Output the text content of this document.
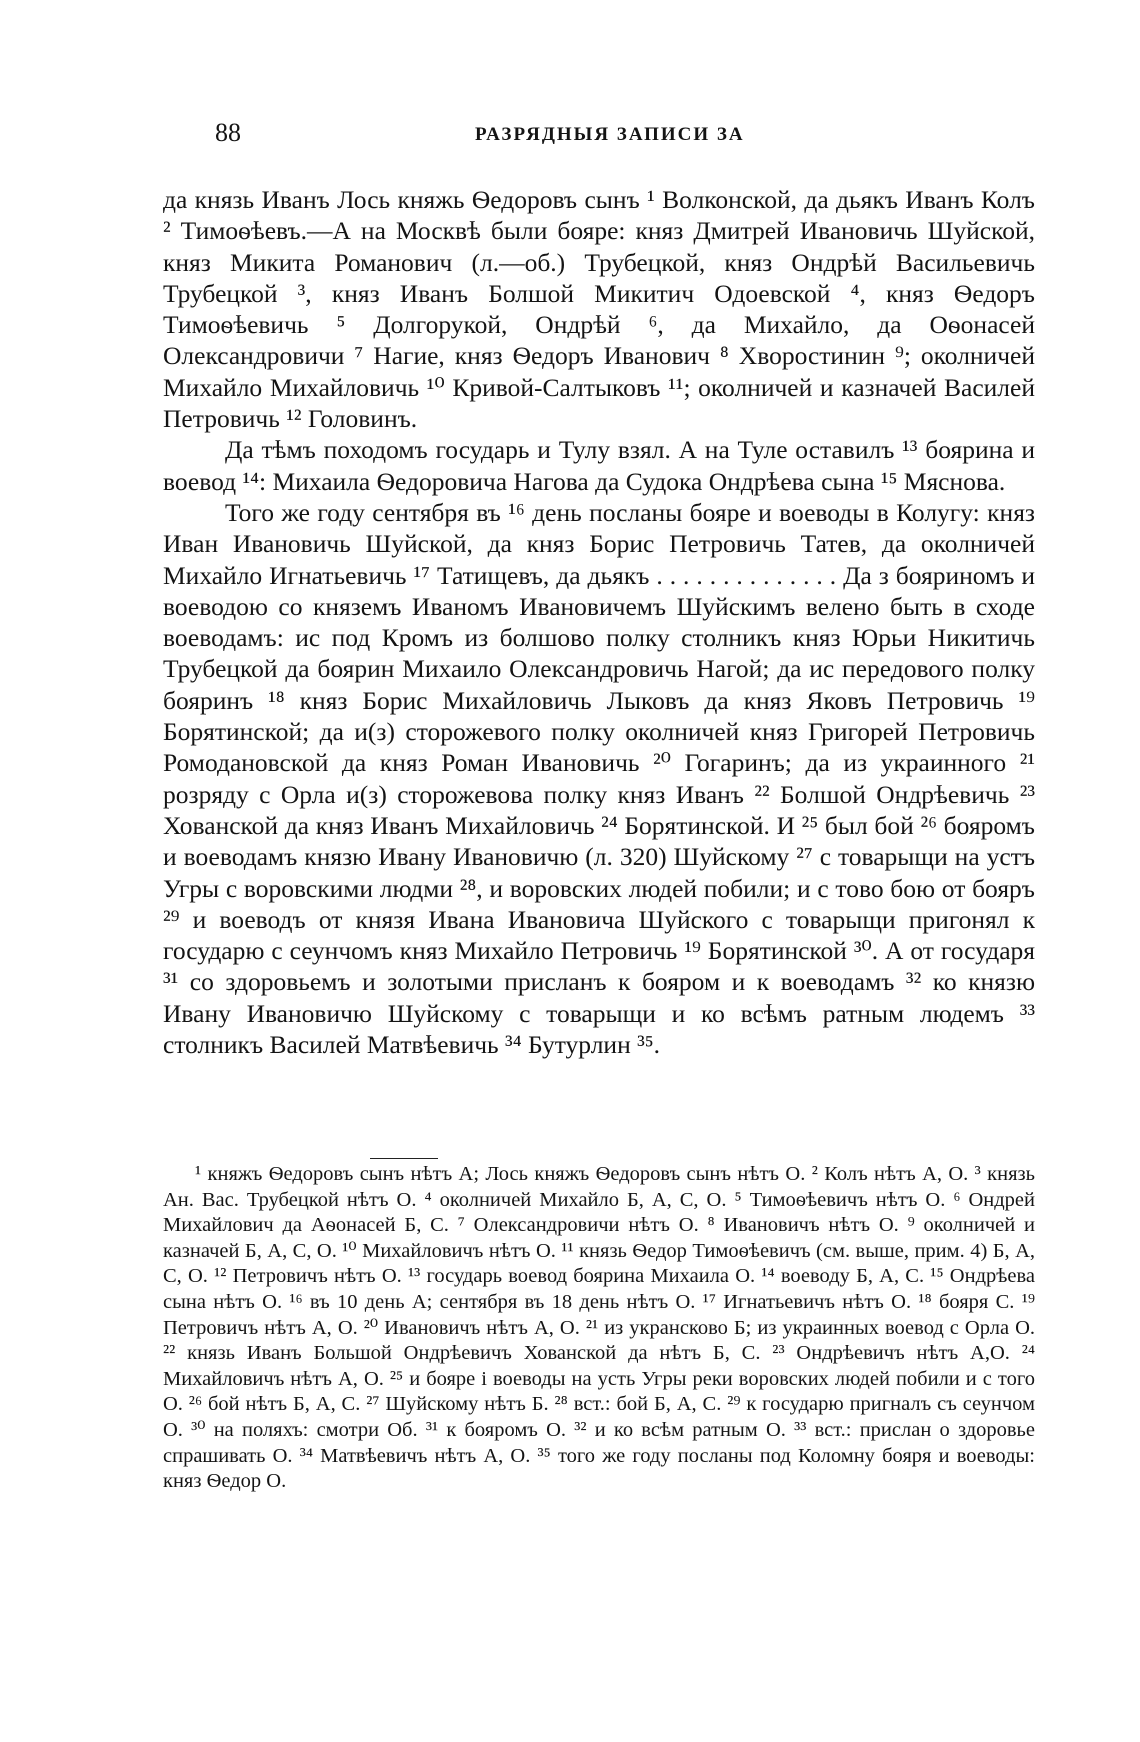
88	РАЗРЯДНЫЯ ЗАПИСИ ЗА

да князь Иванъ Лось княжь Ѳедоровъ сынъ ¹ Волконской, да дьякъ Иванъ Колъ ² Тимоѳѣевъ.—А на Москвѣ были бояре: княз Дмитрей Ивановичь Шуйской, княз Микита Романович (л.—об.) Трубецкой, княз Ондрѣй Васильевичь Трубецкой ³, княз Иванъ Болшой Микитич Одоевской ⁴, княз Ѳедоръ Тимоѳѣевичь ⁵ Долгорукой, Ондрѣй ⁶, да Михайло, да Оѳонасей Олександровичи ⁷ Нагие, княз Ѳедоръ Иванович ⁸ Хворостинин ⁹; околничей Михайло Михайловичь ¹⁰ Кривой-Салтыковъ ¹¹; околничей и казначей Василей Петровичь ¹² Головинъ.

Да тѣмъ походомъ государь и Тулу взял. А на Туле оставилъ ¹³ боярина и воевод ¹⁴: Михаила Ѳедоровича Нагова да Судока Ондрѣева сына ¹⁵ Мяснова.

Того же году сентября въ ¹⁶ день посланы бояре и воеводы в Колугу: княз Иван Ивановичь Шуйской, да княз Борис Петровичь Татев, да околничей Михайло Игнатьевичь ¹⁷ Татищевъ, да дьякъ . . . . . . . . . . . . . . Да з бояриномъ и воеводою со княземъ Иваномъ Ивановичемъ Шуйскимъ велено быть в сходе воеводамъ: ис под Кромъ из болшово полку столникъ княз Юрьи Никитичь Трубецкой да боярин Михаило Олександровичь Нагой; да ис передового полку бояринъ ¹⁸ княз Борис Михайловичь Лыковъ да княз Яковъ Петровичь ¹⁹ Борятинской; да и(з) сторожевого полку околничей княз Григорей Петровичь Ромодановской да княз Роман Ивановичь ²⁰ Гогаринъ; да из украинного ²¹ розряду с Орла и(з) сторожевова полку княз Иванъ ²² Болшой Ондрѣевичь ²³ Хованской да княз Иванъ Михайловичь ²⁴ Борятинской. И ²⁵ был бой ²⁶ бояромъ и воеводамъ князю Ивану Ивановичю (л. 320) Шуйскому ²⁷ с товарыщи на устъ Угры с воровскими людми ²⁸, и воровских людей побили; и с тово бою от бояръ ²⁹ и воеводъ от князя Ивана Ивановича Шуйского с товарыщи пригонял к государю с сеунчомъ княз Михайло Петровичь ¹⁹ Борятинской ³⁰. А от государя ³¹ со здоровьемъ и золотыми присланъ к бояром и к воеводамъ ³² ко князю Ивану Ивановичю Шуйскому с товарыщи и ко всѣмъ ратным людемъ ³³ столникъ Василей Матвѣевичь ³⁴ Бутурлин ³⁵.

¹ княжъ Ѳедоровъ сынъ нѣтъ А; Лось княжъ Ѳедоровъ сынъ нѣтъ О. ² Колъ нѣтъ А, О. ³ князь Ан. Вас. Трубецкой нѣтъ О. ⁴ околничей Михайло Б, А, С, О. ⁵ Тимоѳѣевичъ нѣтъ О. ⁶ Ондрей Михайлович да Аѳонасей Б, С. ⁷ Олександровичи нѣтъ О. ⁸ Ивановичъ нѣтъ О. ⁹ околничей и казначей Б, А, С, О. ¹⁰ Михайловичъ нѣтъ О. ¹¹ князь Ѳедор Тимоѳѣевичъ (см. выше, прим. 4) Б, А, С, О. ¹² Петровичъ нѣтъ О. ¹³ государь воевод боярина Михаила О. ¹⁴ воеводу Б, А, С. ¹⁵ Ондрѣева сына нѣтъ О. ¹⁶ въ 10 день А; сентября въ 18 день нѣтъ О. ¹⁷ Игнатьевичъ нѣтъ О. ¹⁸ бояря С. ¹⁹ Петровичъ нѣтъ А, О. ²⁰ Ивановичъ нѣтъ А, О. ²¹ из укрансково Б; из украинных воевод с Орла О. ²² князь Иванъ Большой Ондрѣевичъ Хованской да нѣтъ Б, С. ²³ Ондрѣевичъ нѣтъ А,О. ²⁴ Михайловичъ нѣтъ А, О. ²⁵ и бояре і воеводы на усть Угры реки воровских людей побили и с того О. ²⁶ бой нѣтъ Б, А, С. ²⁷ Шуйскому нѣтъ Б. ²⁸ вст.: бой Б, А, С. ²⁹ к государю пригналъ съ сеунчом О. ³⁰ на поляхъ: смотри Об. ³¹ к бояромъ О. ³² и ко всѣм ратным О. ³³ вст.: прислан о здоровье спрашивать О. ³⁴ Матвѣевичъ нѣтъ А, О. ³⁵ того же году посланы под Коломну бояря и воеводы: княз Ѳедор О.
